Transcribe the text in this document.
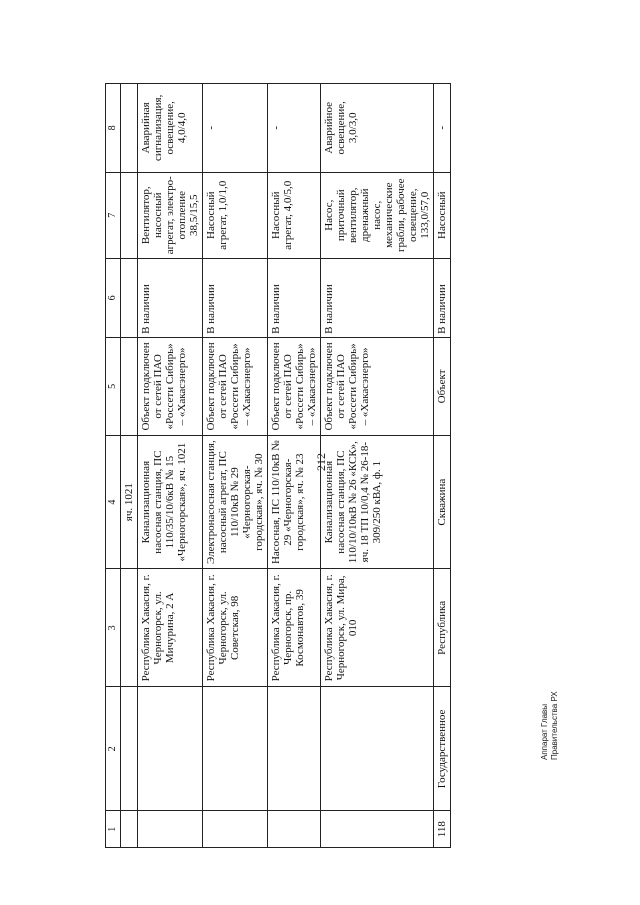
212
1	2	3	4	5	6	7	8
			яч. 1021				
		Республика Хакасия, г. Черногорск, ул. Мичурина, 2 А	Канализационная насосная станция, ПС 110/35/10/6кВ № 15 «Черногорская», яч. 1021	Объект подключен от сетей ПАО «Россети Сибирь» – «Хакасэнерго»	В наличии	Вентилятор, насосный агрегат, электро-отопление 38,5/15,5	Аварийная сигнализация, освещение, 4,0/4,0
		Республика Хакасия, г. Черногорск, ул. Советская, 98	Электронасосная станция, насосный агрегат, ПС 110/10кВ № 29 «Черногорская-городская», яч. № 30	Объект подключен от сетей ПАО «Россети Сибирь» – «Хакасэнерго»	В наличии	Насосный агрегат, 1,0/1,0	-
		Республика Хакасия, г. Черногорск, пр. Космонавтов, 39	Насосная, ПС 110/10кВ № 29 «Черногорская-городская», яч. № 23	Объект подключен от сетей ПАО «Россети Сибирь» – «Хакасэнерго»	В наличии	Насосный агрегат, 4,0/5,0	-
		Республика Хакасия, г. Черногорск, ул. Мира, 010	Канализационная насосная станция, ПС 110/10/10кВ № 26 «КСК», яч. 18 ТП 10/0,4 № 26-18-309/250 кВА, ф. 1	Объект подключен от сетей ПАО «Россети Сибирь» – «Хакасэнерго»	В наличии	Насос, приточный вентилятор, дренажный насос, механические грабли, рабочее освещение, 133,0/57,0	Аварийное освещение, 3,0/3,0
118	Государственное	Республика	Скважина	Объект	В наличии	Насосный	-
Аппарат Главы Правительства РХ
